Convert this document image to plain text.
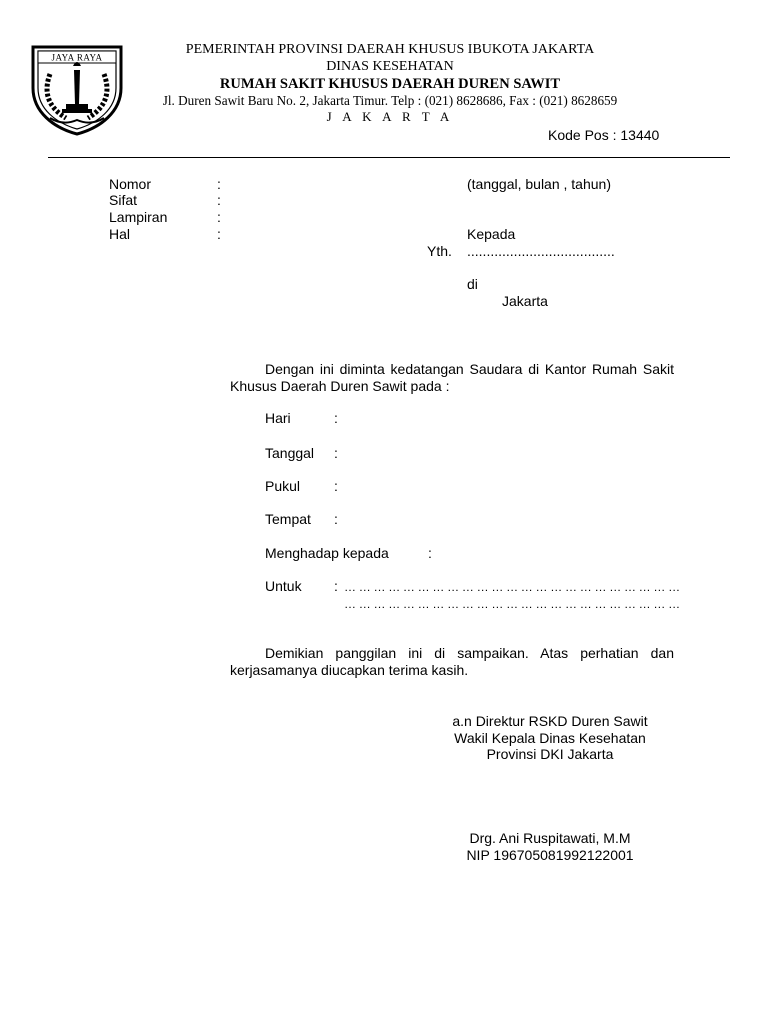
JAYA RAYA
PEMERINTAH PROVINSI DAERAH KHUSUS IBUKOTA JAKARTA
DINAS KESEHATAN
RUMAH SAKIT KHUSUS DAERAH DUREN SAWIT
Jl. Duren Sawit Baru No. 2, Jakarta Timur. Telp : (021) 8628686, Fax : (021) 8628659
J A K A R T A
Kode Pos : 13440
Nomor	:
Sifat	:
Lampiran	:
Hal	:
(tanggal, bulan , tahun)
Kepada
Yth. ......................................
di
Jakarta
Dengan ini diminta kedatangan Saudara di Kantor Rumah Sakit Khusus Daerah Duren Sawit pada :
Hari	:
Tanggal :
Pukul :
Tempat :
Menghadap kepada	:
Untuk : … … … … … … … … … … … … … … … … … … … … … … …
… … … … … … … … … … … … … … … … … … … … … … …
Demikian panggilan ini di sampaikan. Atas perhatian dan kerjasamanya diucapkan terima kasih.
a.n Direktur RSKD Duren Sawit
Wakil Kepala Dinas Kesehatan
Provinsi DKI Jakarta
Drg. Ani Ruspitawati, M.M
NIP 196705081992122001
